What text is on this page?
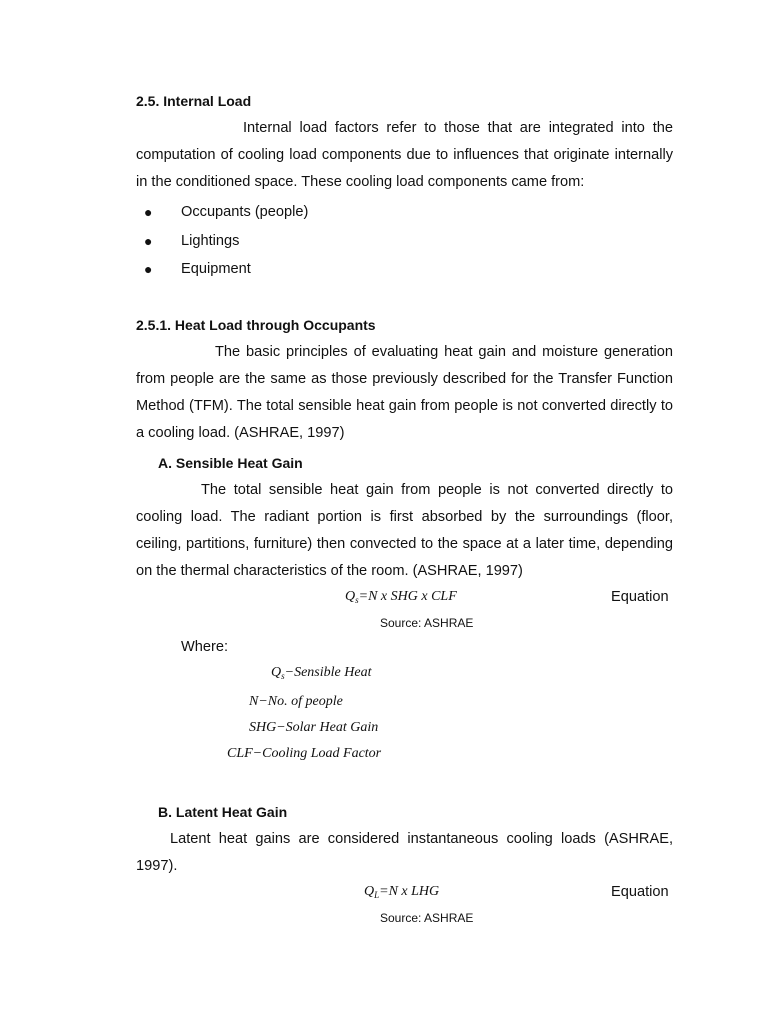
2.5. Internal Load
Internal load factors refer to those that are integrated into the computation of cooling load components due to influences that originate internally in the conditioned space. These cooling load components came from:
● Occupants (people)
● Lightings
● Equipment
2.5.1. Heat Load through Occupants
The basic principles of evaluating heat gain and moisture generation from people are the same as those previously described for the Transfer Function Method (TFM). The total sensible heat gain from people is not converted directly to a cooling load. (ASHRAE, 1997)
A. Sensible Heat Gain
The total sensible heat gain from people is not converted directly to cooling load. The radiant portion is first absorbed by the surroundings (floor, ceiling, partitions, furniture) then convected to the space at a later time, depending on the thermal characteristics of the room. (ASHRAE, 1997)
$Q_s=N$ x SHG x CLF	Equation
Source: ASHRAE
Where:
$Q_s-Sensible$ Heat
N−No. of people
SHG−Solar Heat Gain
CLF−Cooling Load Factor
B. Latent Heat Gain
Latent heat gains are considered instantaneous cooling loads (ASHRAE, 1997).
$Q_L=N$ x LHG	Equation
Source: ASHRAE
